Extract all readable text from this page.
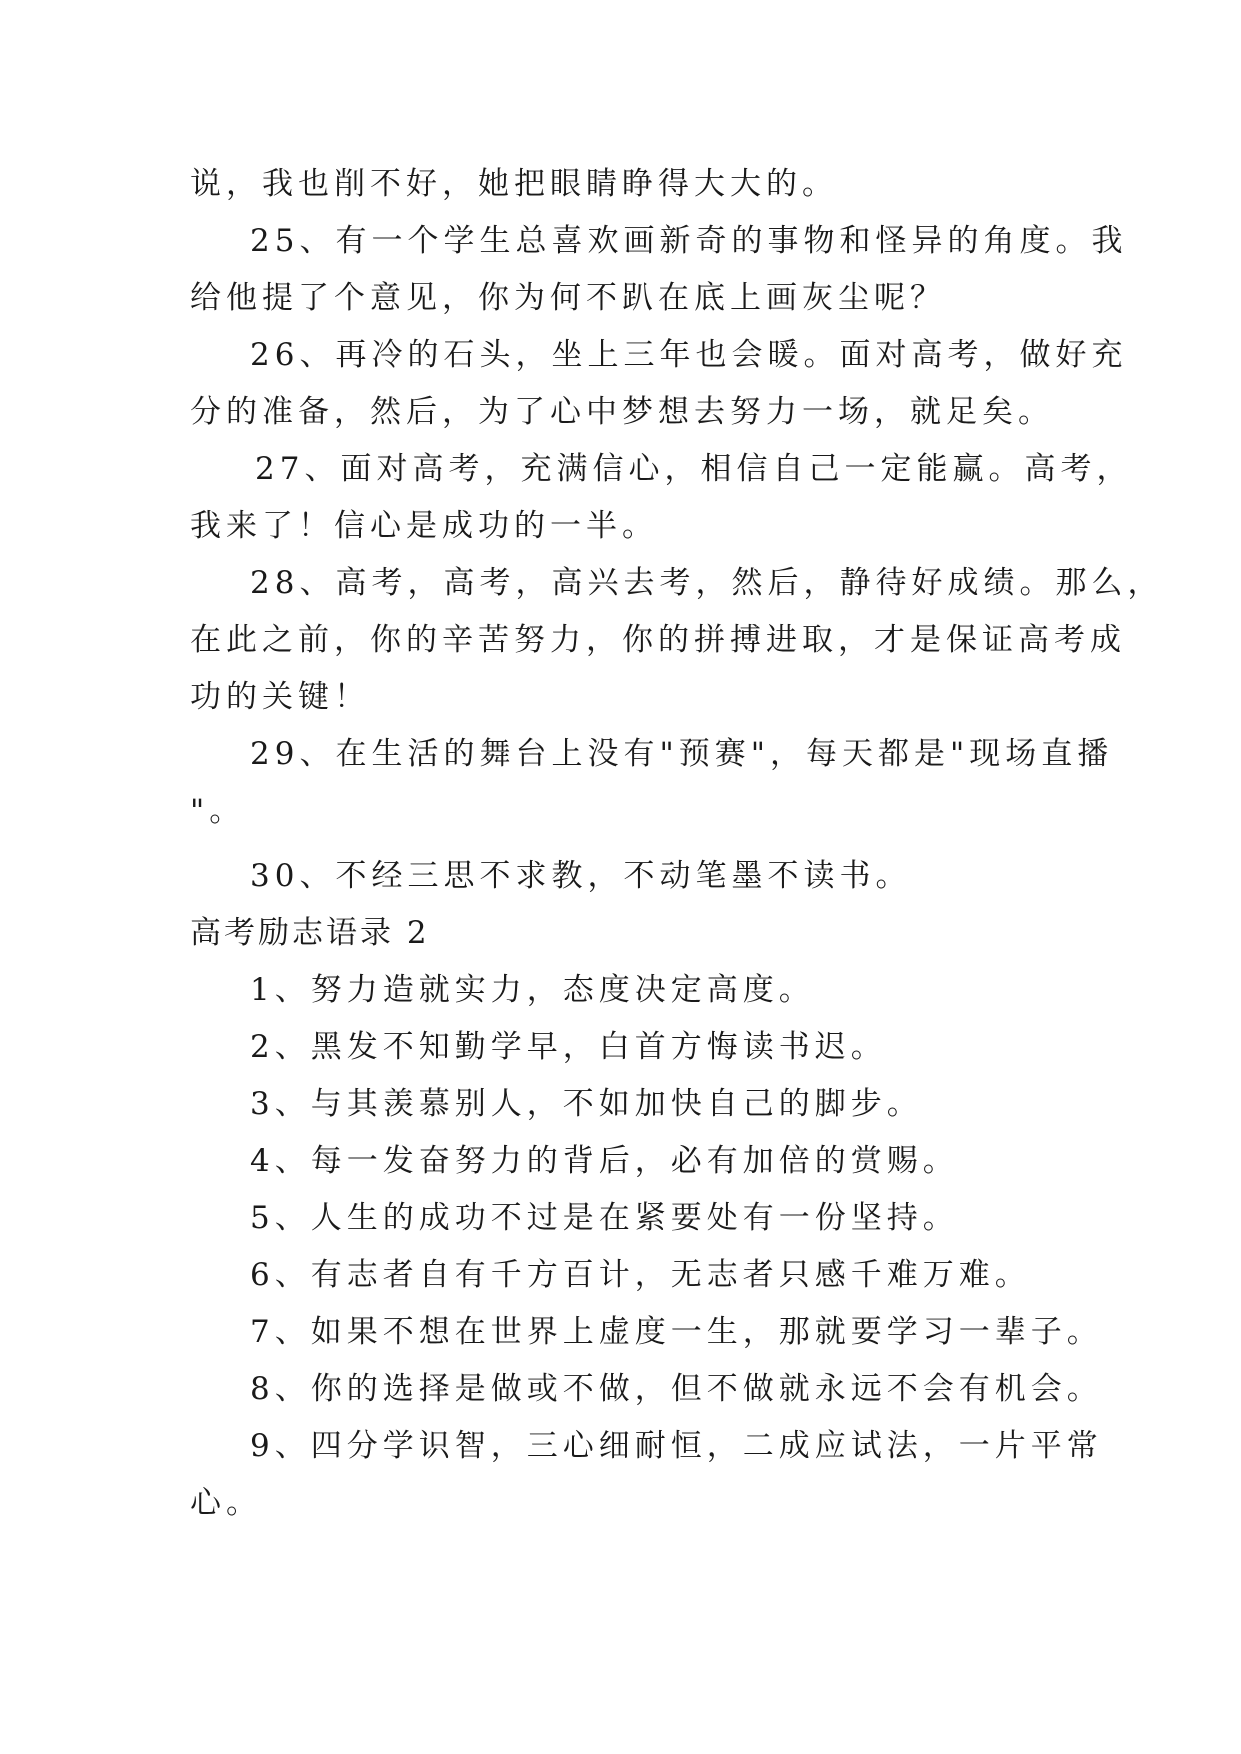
说，我也削不好，她把眼睛睁得大大的。
25、有一个学生总喜欢画新奇的事物和怪异的角度。我
给他提了个意见，你为何不趴在底上画灰尘呢？
26、再冷的石头，坐上三年也会暖。面对高考，做好充
分的准备，然后，为了心中梦想去努力一场，就足矣。
27、面对高考，充满信心，相信自己一定能赢。高考，
我来了！信心是成功的一半。
28、高考，高考，高兴去考，然后，静待好成绩。那么，
在此之前，你的辛苦努力，你的拼搏进取，才是保证高考成
功的关键！
29、在生活的舞台上没有"预赛"，每天都是"现场直播
"。
30、不经三思不求教，不动笔墨不读书。
高考励志语录 2
1、努力造就实力，态度决定高度。
2、黑发不知勤学早，白首方悔读书迟。
3、与其羡慕别人，不如加快自己的脚步。
4、每一发奋努力的背后，必有加倍的赏赐。
5、人生的成功不过是在紧要处有一份坚持。
6、有志者自有千方百计，无志者只感千难万难。
7、如果不想在世界上虚度一生，那就要学习一辈子。
8、你的选择是做或不做，但不做就永远不会有机会。
9、四分学识智，三心细耐恒，二成应试法，一片平常
心。
